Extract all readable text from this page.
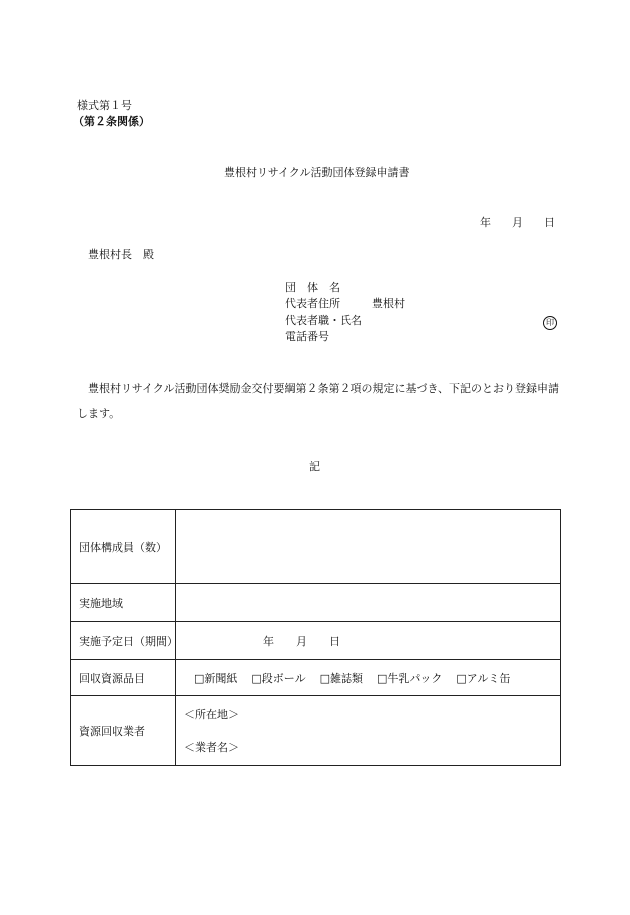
様式第１号
（第２条関係）
豊根村リサイクル活動団体登録申請書
年 月 日
豊根村長　殿
団　体　名
代表者住所	豊根村
代表者職・氏名	印
電話番号
豊根村リサイクル活動団体奨励金交付要綱第２条第２項の規定に基づき、下記のとおり登録申請
します。
記
団体構成員（数）	
実施地域	
実施予定日（期間）	年 月 日
回収資源品目	□新聞紙 □段ボール □雑誌類 □牛乳パック □アルミ缶
資源回収業者	＜所在地＞
＜業者名＞
